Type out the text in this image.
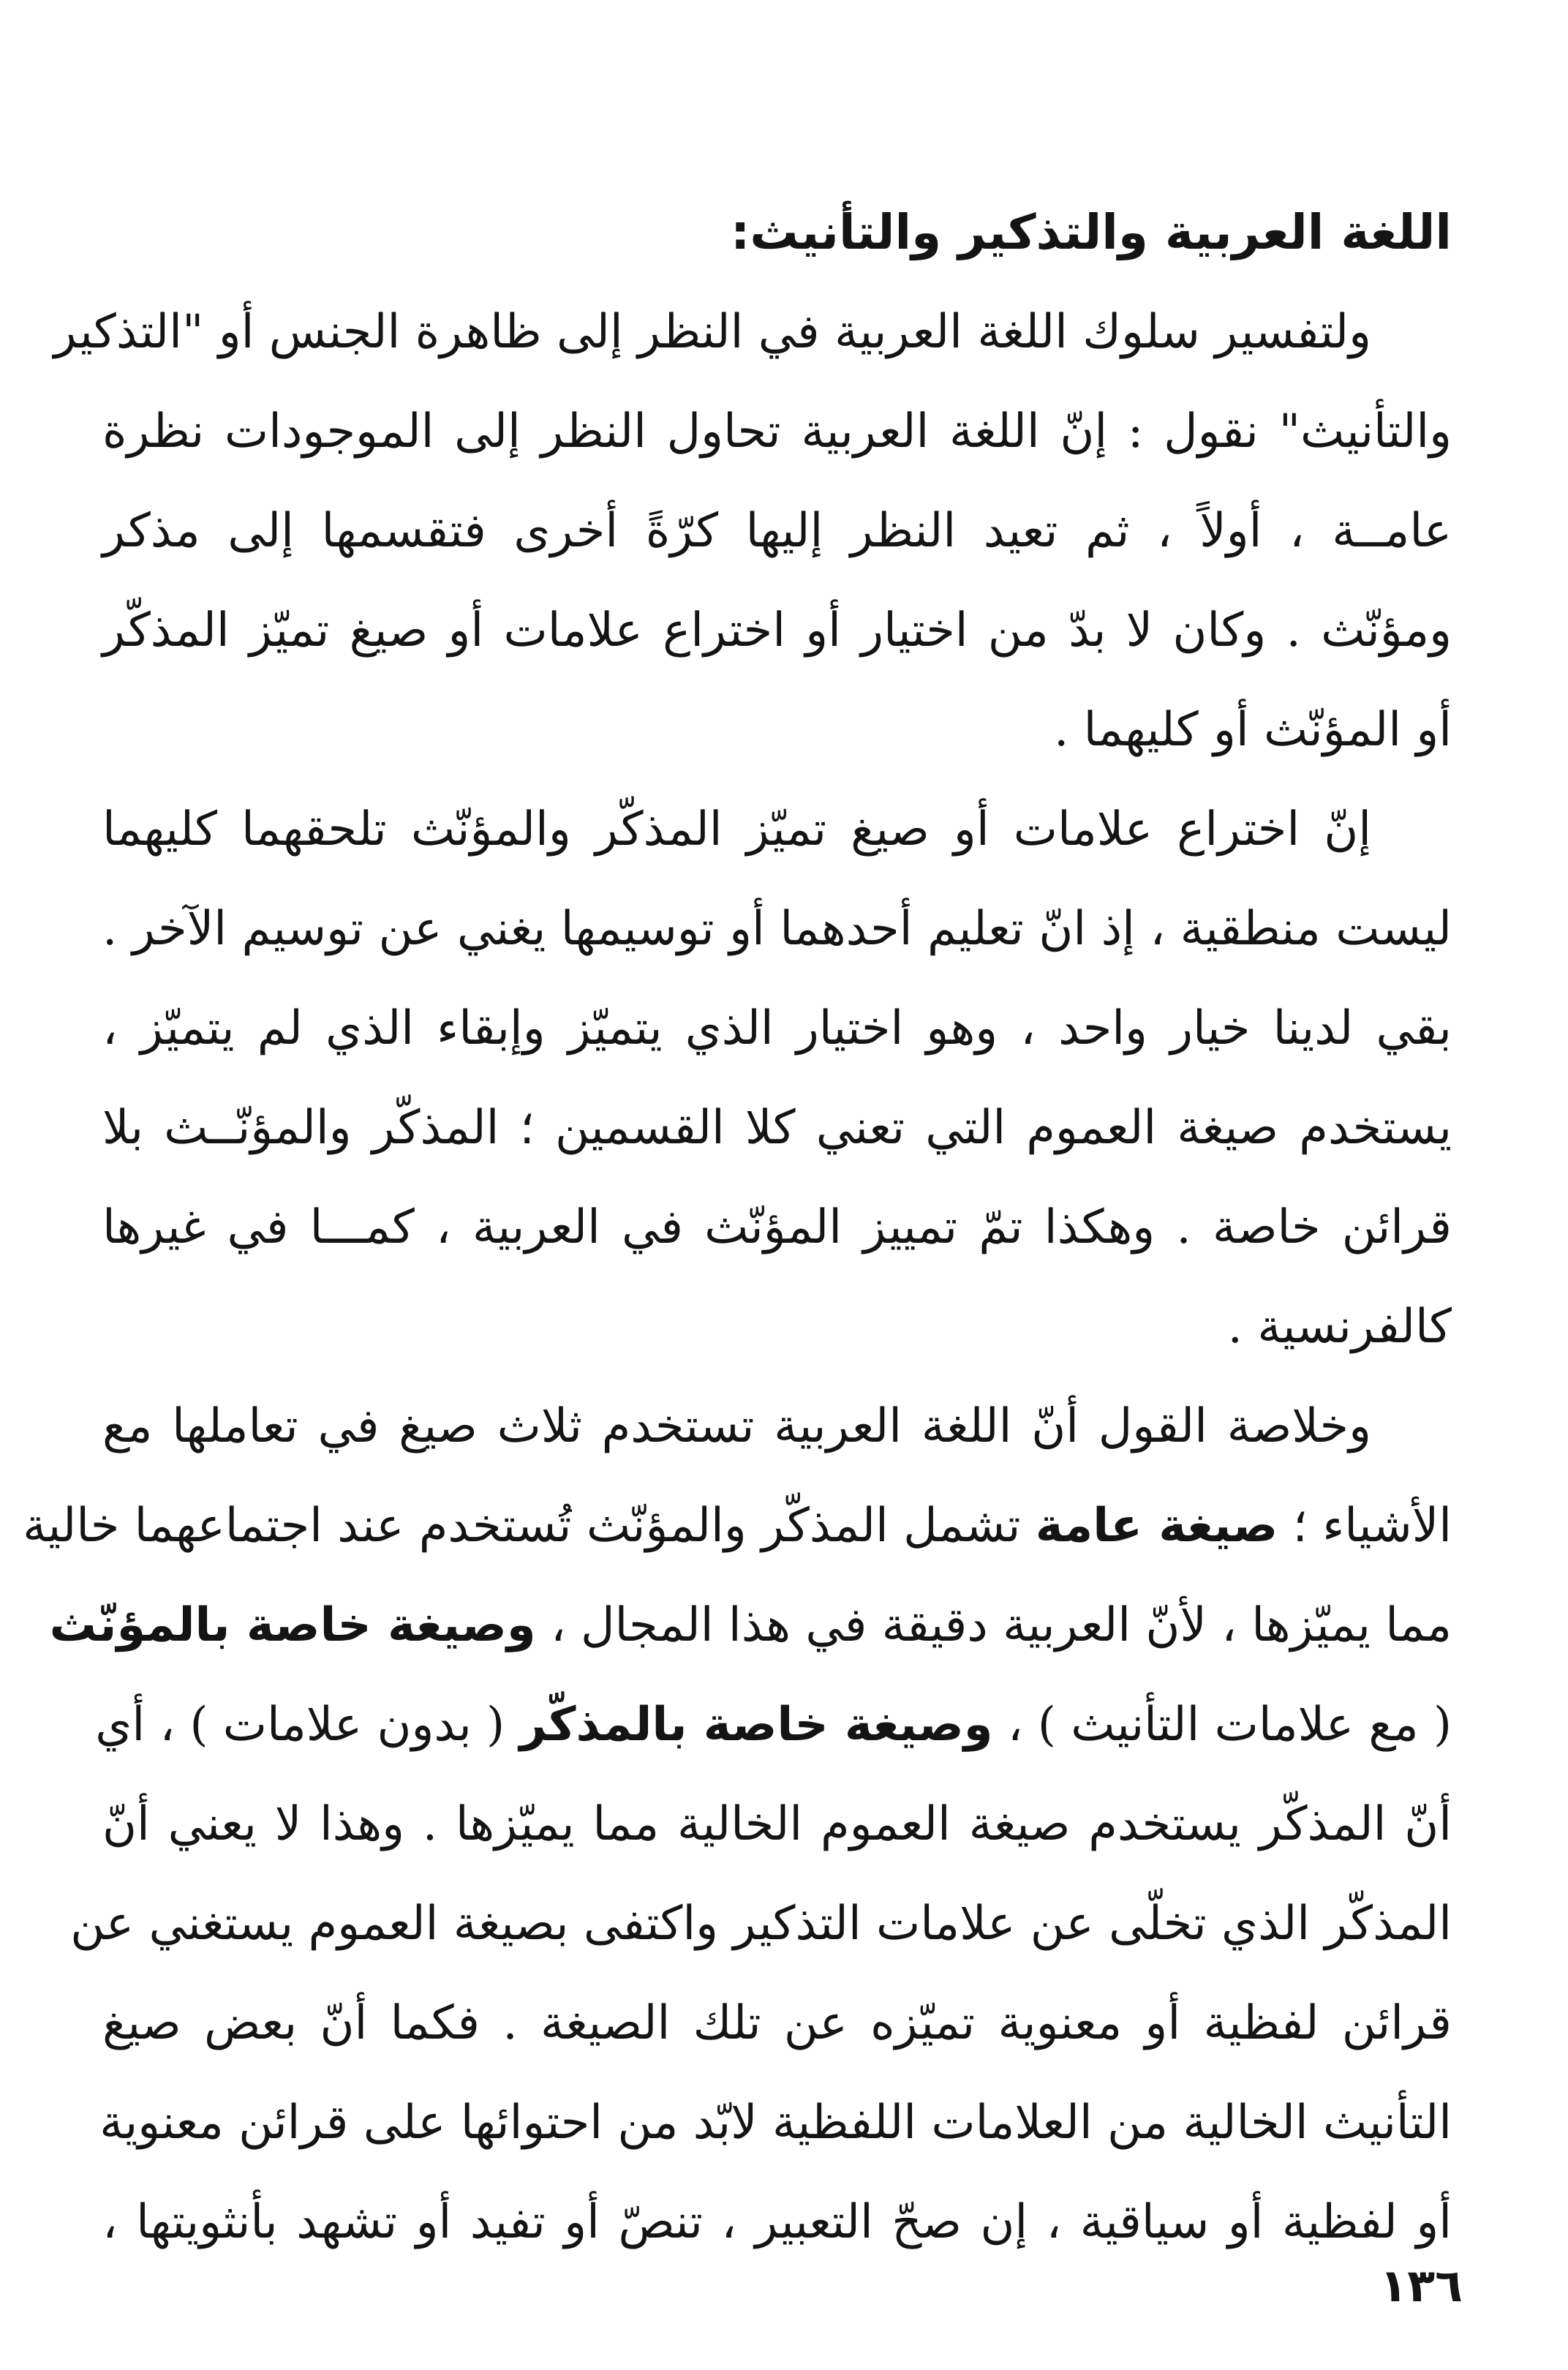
اللغة العربية والتذكير والتأنيث:
ولتفسير سلوك اللغة العربية في النظر إلى ظاهرة الجنس أو "التذكير
والتأنيث" نقول : إنّ اللغة العربية تحاول النظر إلى الموجودات نظرة
عامــة ، أولاً ، ثم تعيد النظر إليها كرّةً أخرى فتقسمها إلى مذكر
ومؤنّث . وكان لا بدّ من اختيار أو اختراع علامات أو صيغ تميّز المذكّر
أو المؤنّث أو كليهما .
إنّ اختراع علامات أو صيغ تميّز المذكّر والمؤنّث تلحقهما كليهما
ليست منطقية ، إذ انّ تعليم أحدهما أو توسيمها يغني عن توسيم الآخر .
بقي لدينا خيار واحد ، وهو اختيار الذي يتميّز وإبقاء الذي لم يتميّز ،
يستخدم صيغة العموم التي تعني كلا القسمين ؛ المذكّر والمؤنّــث بلا
قرائن خاصة . وهكذا تمّ تمييز المؤنّث في العربية ، كمـــا في غيرها
كالفرنسية .
وخلاصة القول أنّ اللغة العربية تستخدم ثلاث صيغ في تعاملها مع
الأشياء ؛ صيغة عامة تشمل المذكّر والمؤنّث تُستخدم عند اجتماعهما خالية
مما يميّزها ، لأنّ العربية دقيقة في هذا المجال ، وصيغة خاصة بالمؤنّث
( مع علامات التأنيث ) ، وصيغة خاصة بالمذكّر ( بدون علامات ) ، أي
أنّ المذكّر يستخدم صيغة العموم الخالية مما يميّزها . وهذا لا يعني أنّ
المذكّر الذي تخلّى عن علامات التذكير واكتفى بصيغة العموم يستغني عن
قرائن لفظية أو معنوية تميّزه عن تلك الصيغة . فكما أنّ بعض صيغ
التأنيث الخالية من العلامات اللفظية لابّد من احتوائها على قرائن معنوية
أو لفظية أو سياقية ، إن صحّ التعبير ، تنصّ أو تفيد أو تشهد بأنثويتها ،
١٣٦
